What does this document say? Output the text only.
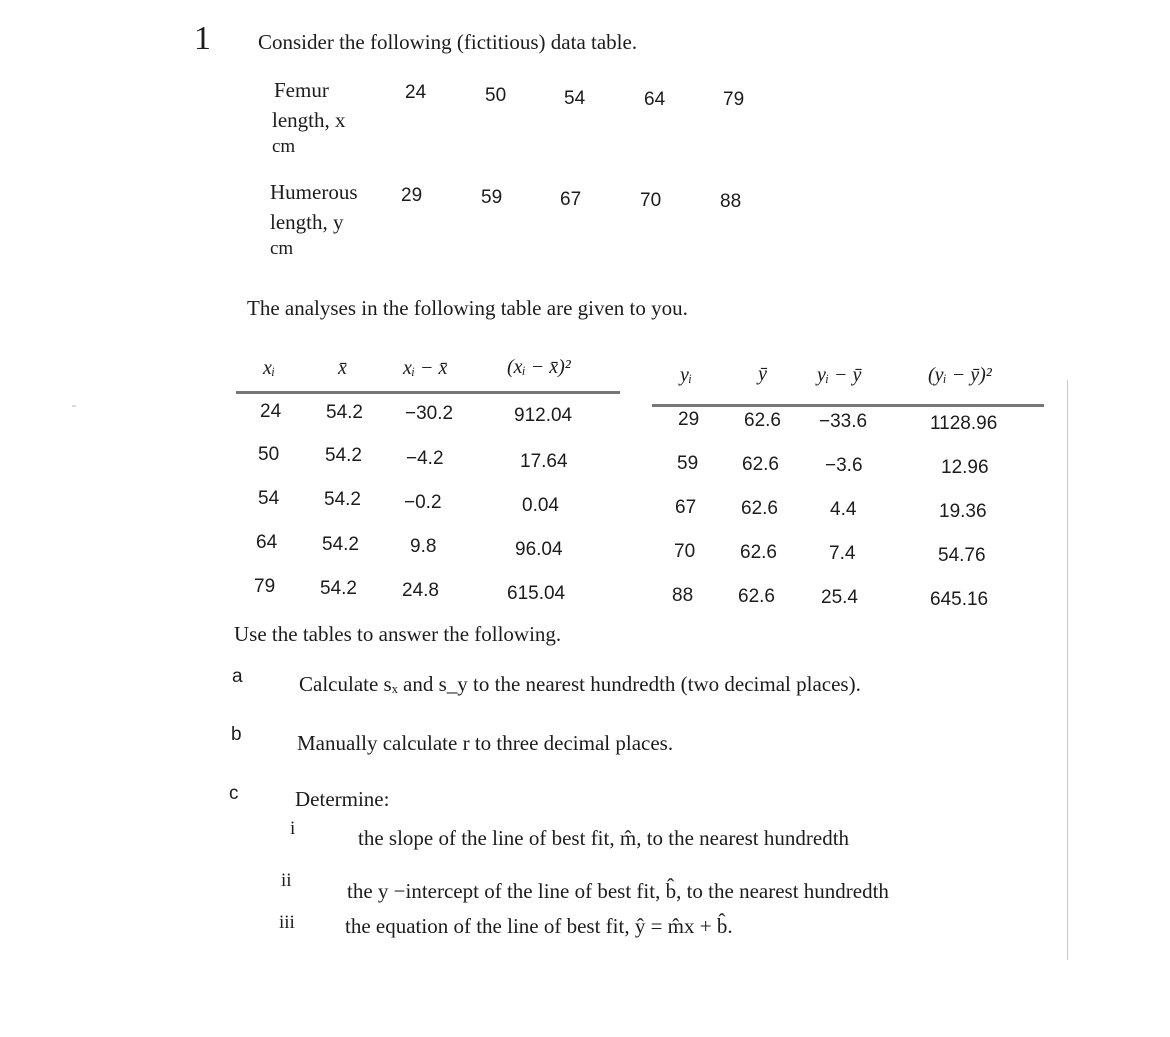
1 Consider the following (fictitious) data table.
Femur
length, x
cm
24	50	54	64	79
Humerous
length, y
cm
29	59	67	70	88
The analyses in the following table are given to you.
xᵢ	x̄	xᵢ − x̄	(xᵢ − x̄)²
24 54.2 −30.2	912.04
50 54.2 −4.2	17.64
54 54.2 −0.2	0.04
64 54.2	9.8	96.04
79 54.2 24.8	615.04
yᵢ	ȳ	yᵢ − ȳ	(yᵢ − ȳ)²
29 62.6 −33.6	1128.96
59 62.6 −3.6	12.96
67 62.6	4.4	19.36
70 62.6	7.4	54.76
88 62.6 25.4	645.16
Use the tables to answer the following.
a	Calculate sₓ and s_y to the nearest hundredth (two decimal places).
b	Manually calculate r to three decimal places.
c	Determine:
i	the slope of the line of best fit, m̂, to the nearest hundredth
ii	the y −intercept of the line of best fit, b̂, to the nearest hundredth
iii the equation of the line of best fit, ŷ = m̂x + b̂.
